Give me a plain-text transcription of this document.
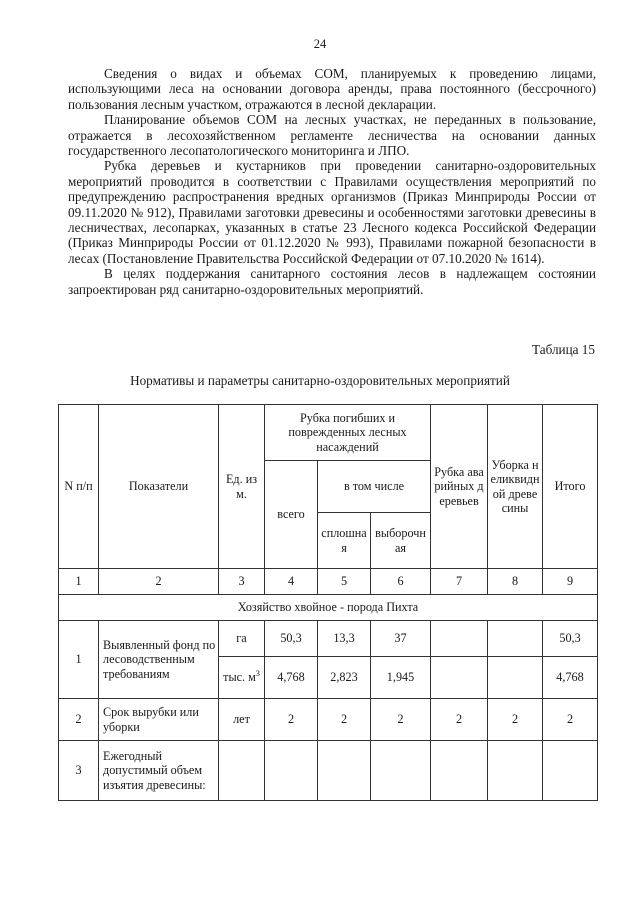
24

Сведения о видах и объемах СОМ, планируемых к проведению лицами, использующими леса на основании договора аренды, права постоянного (бессрочного) пользования лесным участком, отражаются в лесной декларации.

Планирование объемов СОМ на лесных участках, не переданных в пользование, отражается в лесохозяйственном регламенте лесничества на основании данных государственного лесопатологического мониторинга и ЛПО.

Рубка деревьев и кустарников при проведении санитарно-оздоровительных мероприятий проводится в соответствии с Правилами осуществления мероприятий по предупреждению распространения вредных организмов (Приказ Минприроды России от 09.11.2020 № 912), Правилами заготовки древесины и особенностями заготовки древесины в лесничествах, лесопарках, указанных в статье 23 Лесного кодекса Российской Федерации (Приказ Минприроды России от 01.12.2020 № 993), Правилами пожарной безопасности в лесах (Постановление Правительства Российской Федерации от 07.10.2020 № 1614).

В целях поддержания санитарного состояния лесов в надлежащем состоянии запроектирован ряд санитарно-оздоровительных мероприятий.

Таблица 15
Нормативы и параметры санитарно-оздоровительных мероприятий
N п/п	Показатели	Ед. изм.	Рубка погибших и поврежденных лесных насаждений			Рубка аварийных деревьев	Уборка неликвидной древесины	Итого
			всего	в том числе				
				сплошная	выборочная			
1	2	3	4	5	6	7	8	9
Хозяйство хвойное - порода Пихта								
1	Выявленный фонд по лесоводственным требованиям	га	50,3	13,3	37			50,3
		тыс. $м^3$	4,768	2,823	1,945			4,768
2	Срок вырубки или уборки	лет	2	2	2	2	2	2
3	Ежегодный допустимый объем изъятия древесины:							
